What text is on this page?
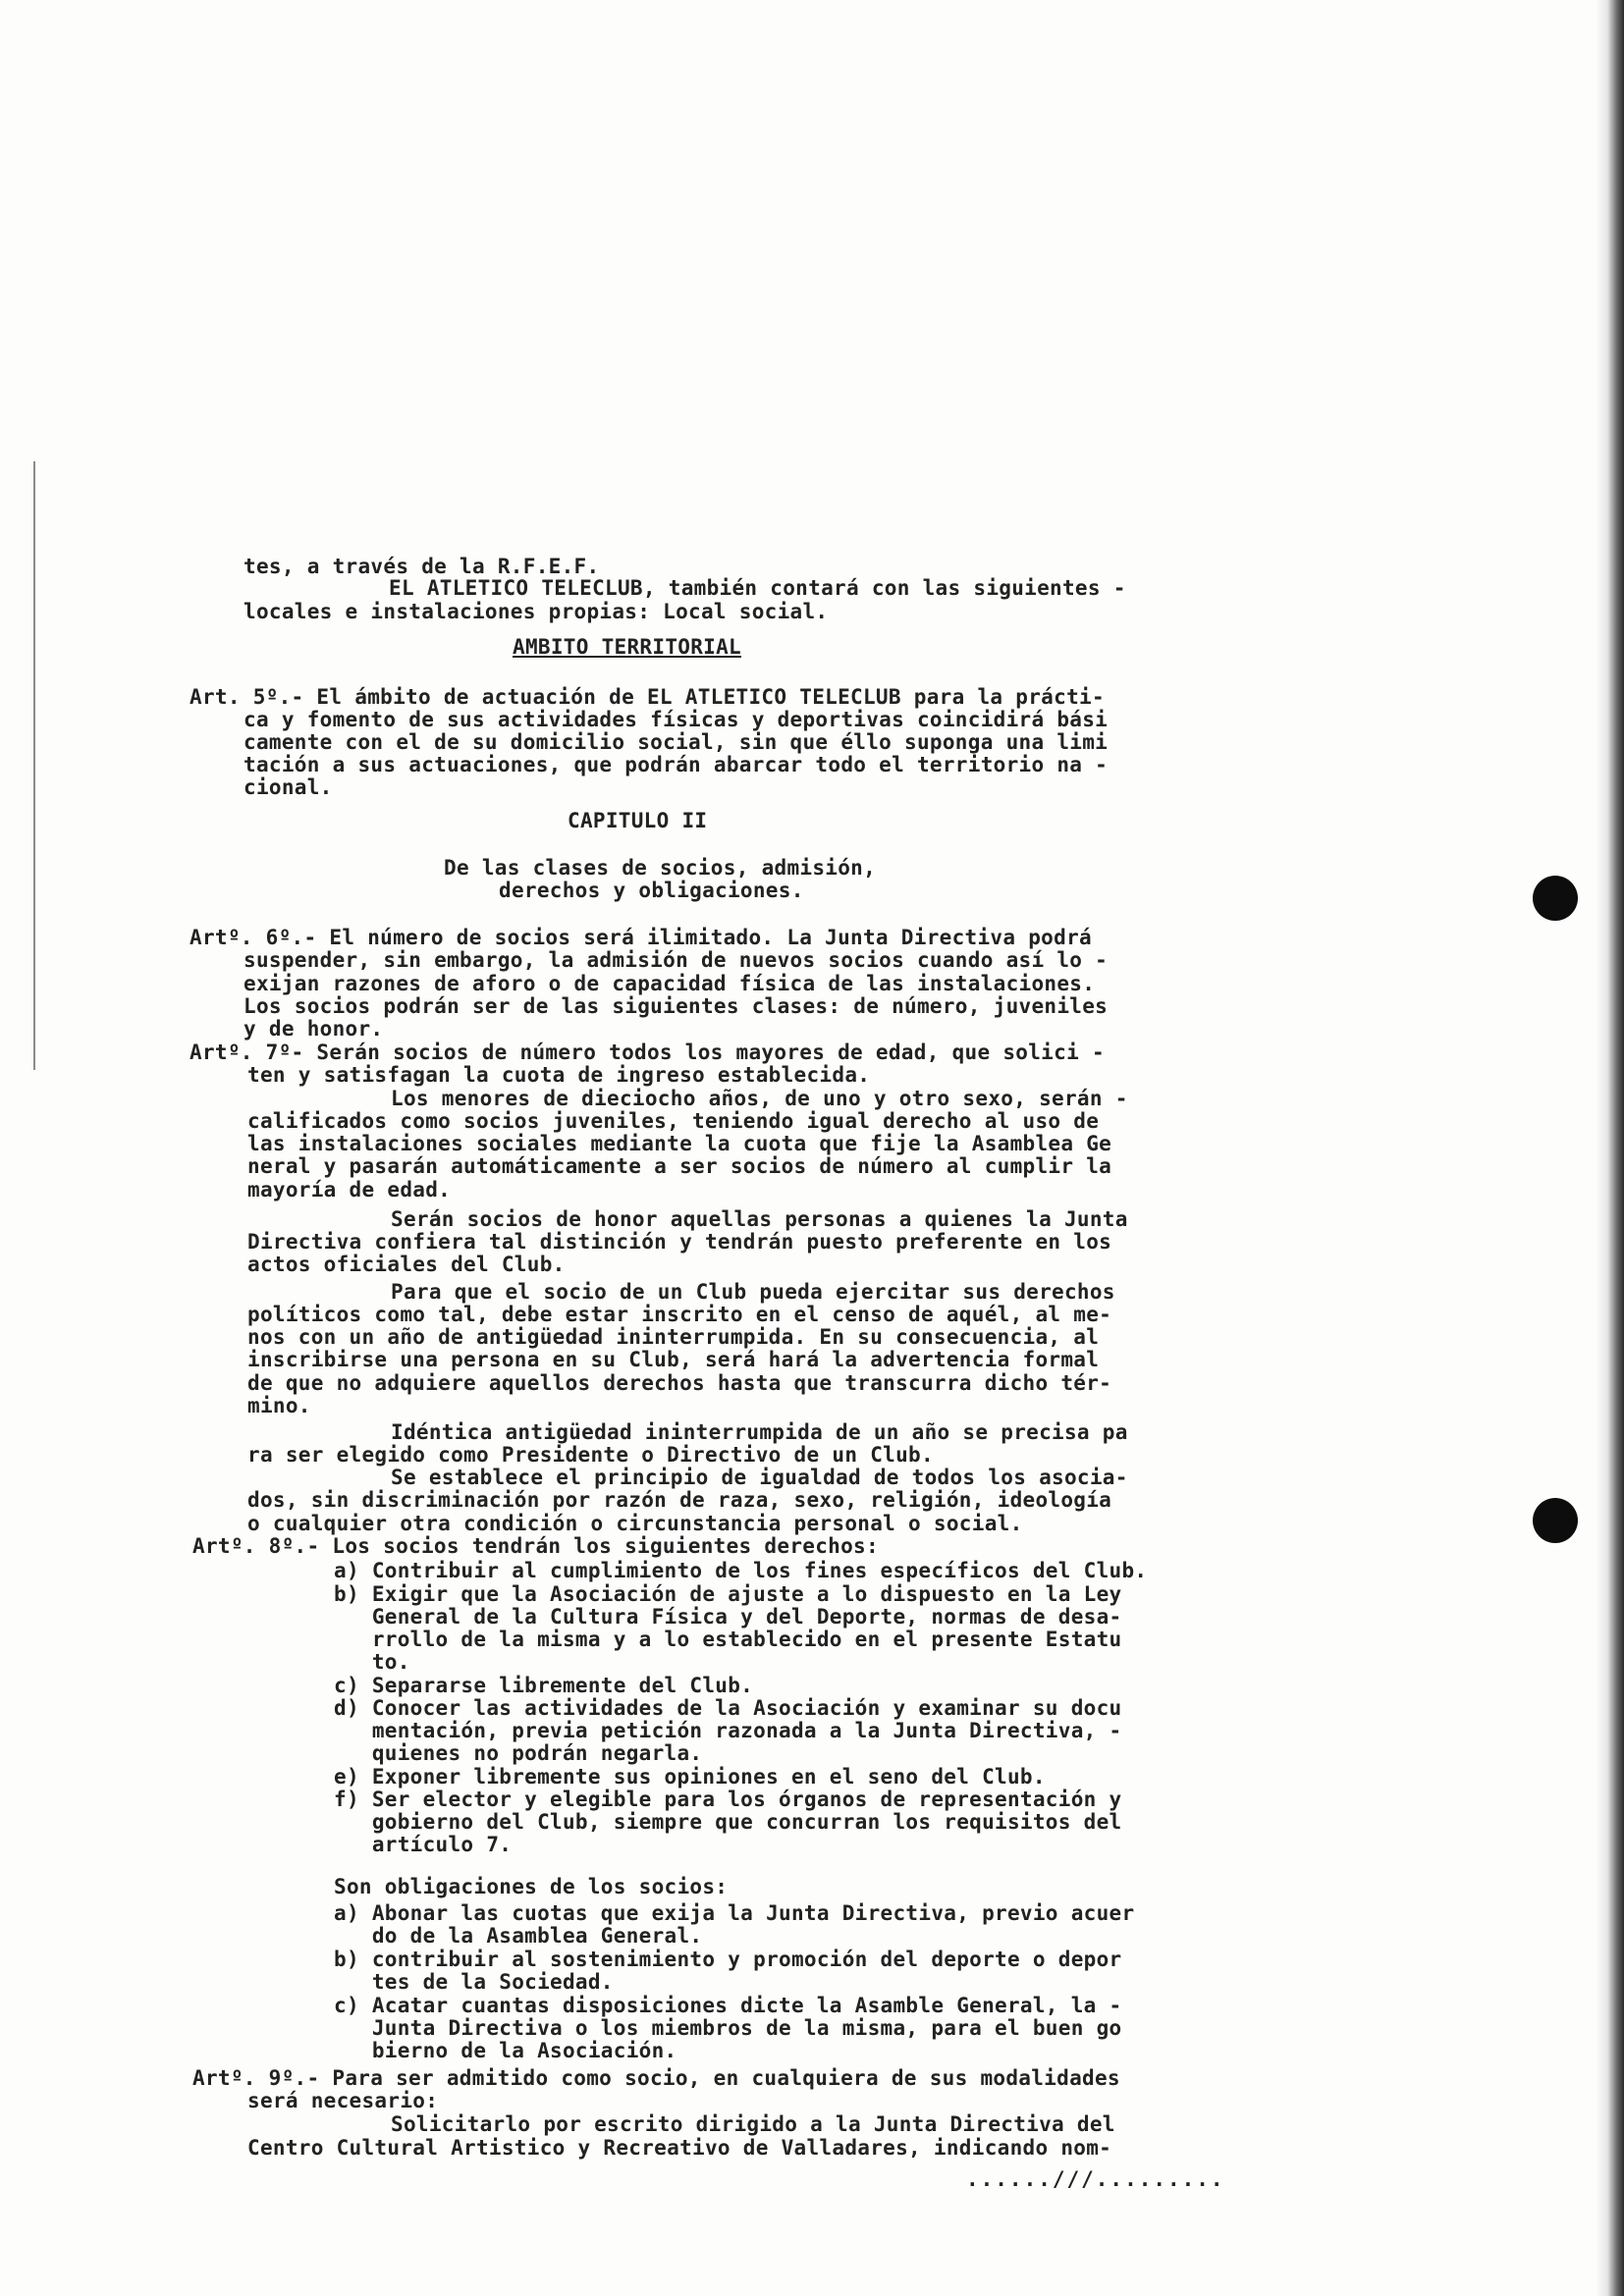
tes, a través de la R.F.E.F.

EL ATLETICO TELECLUB, también contará con las siguientes -

locales e instalaciones propias: Local social.

AMBITO TERRITORIAL

Art. 5º.- El ámbito de actuación de EL ATLETICO TELECLUB para la prácti-

ca y fomento de sus actividades físicas y deportivas coincidirá bási

camente con el de su domicilio social, sin que éllo suponga una limi

tación a sus actuaciones, que podrán abarcar todo el territorio na -

cional.

CAPITULO II

De las clases de socios, admisión,

derechos y obligaciones.

Artº. 6º.- El número de socios será ilimitado. La Junta Directiva podrá

suspender, sin embargo, la admisión de nuevos socios cuando así lo -

exijan razones de aforo o de capacidad física de las instalaciones.

Los socios podrán ser de las siguientes clases: de número, juveniles

y de honor.

Artº. 7º- Serán socios de número todos los mayores de edad, que solici -

ten y satisfagan la cuota de ingreso establecida.

Los menores de dieciocho años, de uno y otro sexo, serán -

calificados como socios juveniles, teniendo igual derecho al uso de

las instalaciones sociales mediante la cuota que fije la Asamblea Ge

neral y pasarán automáticamente a ser socios de número al cumplir la

mayoría de edad.

Serán socios de honor aquellas personas a quienes la Junta

Directiva confiera tal distinción y tendrán puesto preferente en los

actos oficiales del Club.

Para que el socio de un Club pueda ejercitar sus derechos

políticos como tal, debe estar inscrito en el censo de aquél, al me-

nos con un año de antigüedad ininterrumpida. En su consecuencia, al

inscribirse una persona en su Club, será hará la advertencia formal

de que no adquiere aquellos derechos hasta que transcurra dicho tér-

mino.

Idéntica antigüedad ininterrumpida de un año se precisa pa

ra ser elegido como Presidente o Directivo de un Club.

Se establece el principio de igualdad de todos los asocia-

dos, sin discriminación por razón de raza, sexo, religión, ideología

o cualquier otra condición o circunstancia personal o social.

Artº. 8º.- Los socios tendrán los siguientes derechos:

a) Contribuir al cumplimiento de los fines específicos del Club.

b) Exigir que la Asociación de ajuste a lo dispuesto en la Ley

General de la Cultura Física y del Deporte, normas de desa-

rrollo de la misma y a lo establecido en el presente Estatu

to.

c) Separarse libremente del Club.

d) Conocer las actividades de la Asociación y examinar su docu

mentación, previa petición razonada a la Junta Directiva, -

quienes no podrán negarla.

e) Exponer libremente sus opiniones en el seno del Club.

f) Ser elector y elegible para los órganos de representación y

gobierno del Club, siempre que concurran los requisitos del

artículo 7.

Son obligaciones de los socios:

a) Abonar las cuotas que exija la Junta Directiva, previo acuer

do de la Asamblea General.

b) contribuir al sostenimiento y promoción del deporte o depor

tes de la Sociedad.

c) Acatar cuantas disposiciones dicte la Asamble General, la -

Junta Directiva o los miembros de la misma, para el buen go

bierno de la Asociación.

Artº. 9º.- Para ser admitido como socio, en cualquiera de sus modalidades

será necesario:

Solicitarlo por escrito dirigido a la Junta Directiva del

Centro Cultural Artistico y Recreativo de Valladares, indicando nom-

......///.........
